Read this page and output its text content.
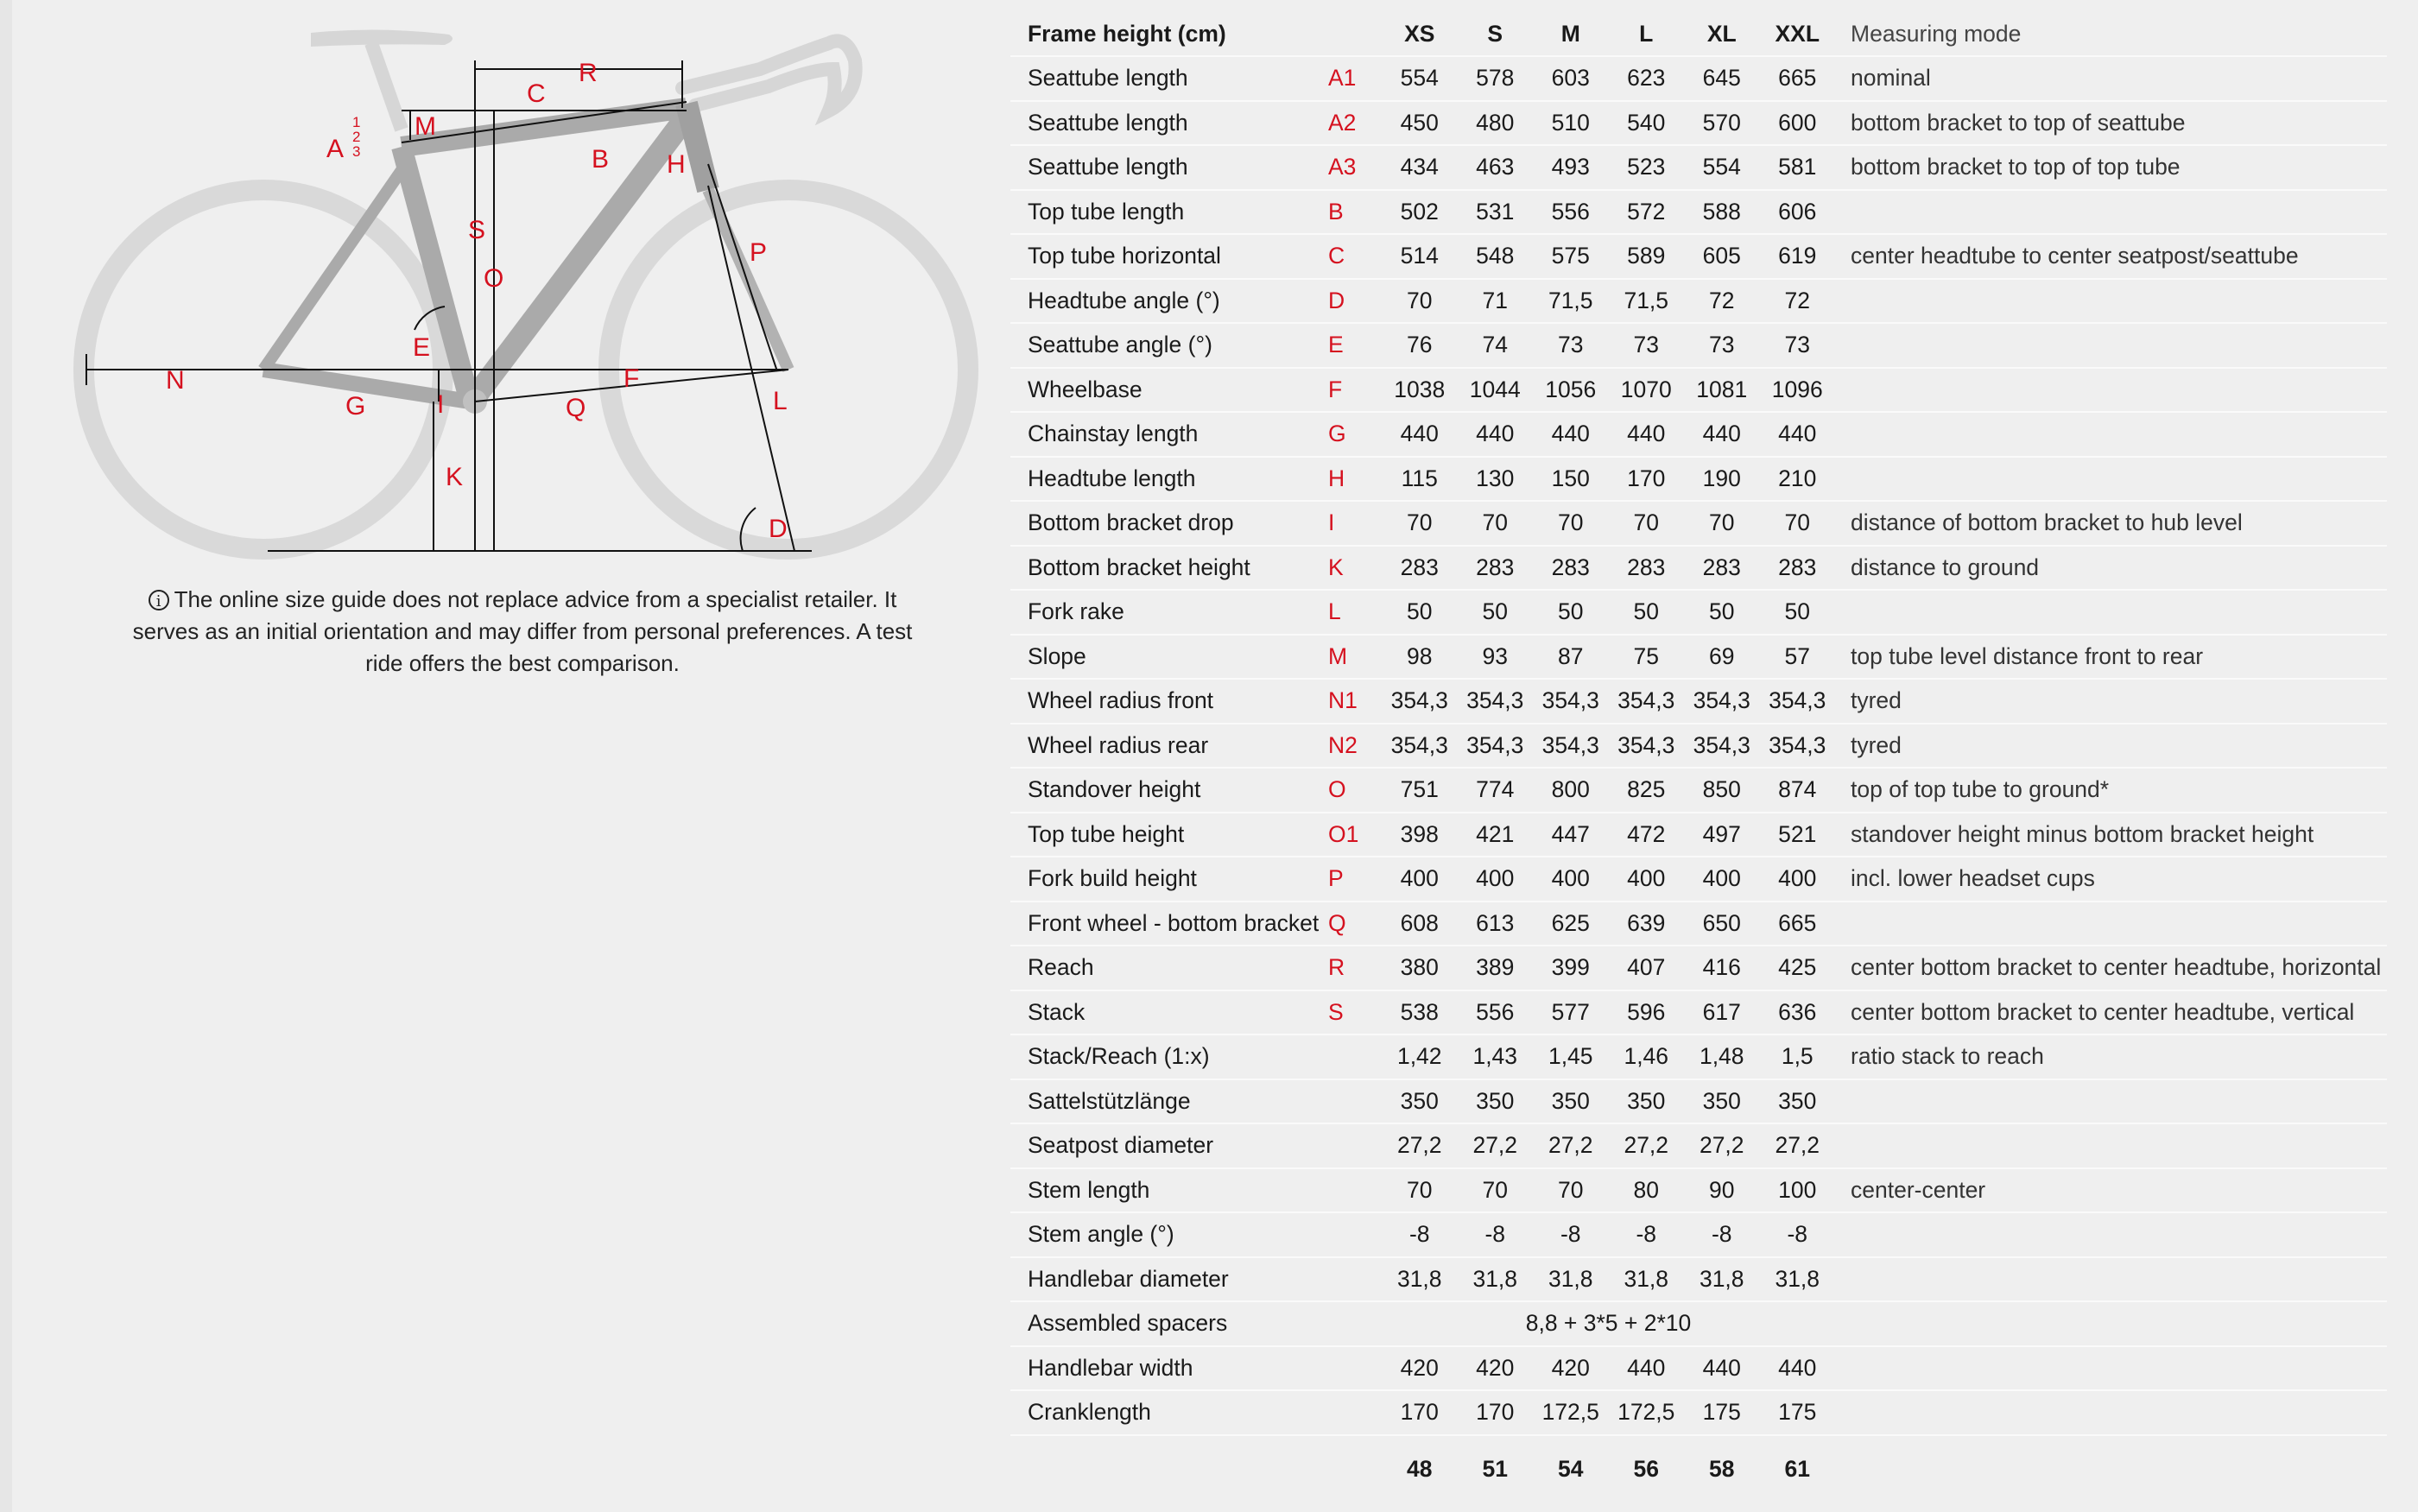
A
1
2
3
M
C
R
B H
S
O
P
E
N	F
G	I	Q	L
K
D
i The online size guide does not replace advice from a specialist retailer. It serves as an initial orientation and may differ from personal preferences. A test ride offers the best comparison.
Frame height (cm)	XS	S	M	L	XL	XXL	Measuring mode
Seattube length	A1	554	578	603	623	645	665	nominal
Seattube length	A2	450	480	510	540	570	600	bottom bracket to top of seattube
Seattube length	A3	434	463	493	523	554	581	bottom bracket to top of top tube
Top tube length	B	502	531	556	572	588	606
Top tube horizontal	C	514	548	575	589	605	619	center headtube to center seatpost/seattube
Headtube angle (°)	D	70	71	71,5	71,5	72	72
Seattube angle (°)	E	76	74	73	73	73	73
Wheelbase	F	1038	1044	1056	1070	1081	1096
Chainstay length	G	440	440	440	440	440	440
Headtube length	H	115	130	150	170	190	210
Bottom bracket drop	I	70	70	70	70	70	70	distance of bottom bracket to hub level
Bottom bracket height	K	283	283	283	283	283	283	distance to ground
Fork rake	L	50	50	50	50	50	50
Slope	M	98	93	87	75	69	57	top tube level distance front to rear
Wheel radius front	N1	354,3 354,3 354,3 354,3 354,3 354,3	tyred
Wheel radius rear	N2	354,3 354,3 354,3 354,3 354,3 354,3	tyred
Standover height	O	751	774	800	825	850	874	top of top tube to ground*
Top tube height	O1	398	421	447	472	497	521	standover height minus bottom bracket height
Fork build height	P	400	400	400	400	400	400	incl. lower headset cups
Front wheel - bottom bracket Q	608	613	625	639	650	665
Reach	R	380	389	399	407	416	425	center bottom bracket to center headtube, horizontal
Stack	S	538	556	577	596	617	636	center bottom bracket to center headtube, vertical
Stack/Reach (1:x)	1,42	1,43	1,45	1,46	1,48	1,5	ratio stack to reach
Sattelstützlänge	350	350	350	350	350	350
Seatpost diameter	27,2	27,2	27,2	27,2	27,2	27,2
Stem length	70	70	70	80	90	100	center-center
Stem angle (°)	-8	-8	-8	-8	-8	-8
Handlebar diameter	31,8	31,8	31,8	31,8	31,8	31,8
Assembled spacers	8,8 + 3*5 + 2*10
Handlebar width	420	420	420	440	440	440
Cranklength	170	170	172,5 172,5	175	175
48	51	54	56	58	61
